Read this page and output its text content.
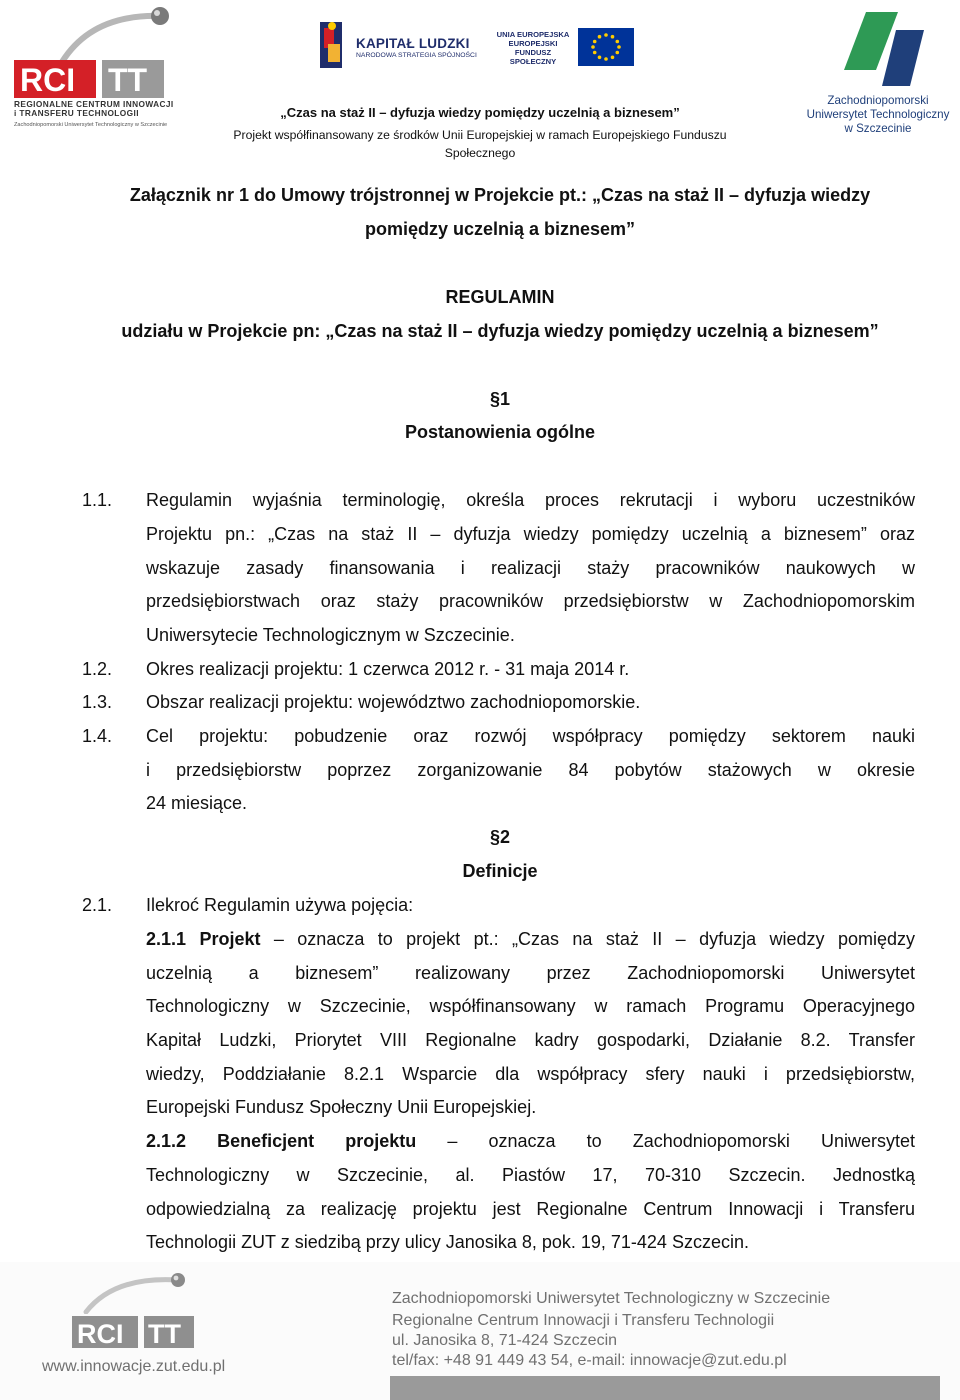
RCI TT
REGIONALNE CENTRUM INNOWACJI
i TRANSFERU TECHNOLOGII
Zachodniopomorski Uniwersytet Technologiczny w Szczecinie
KAPITAŁ LUDZKI
NARODOWA STRATEGIA SPÓJNOŚCI
UNIA EUROPEJSKA
EUROPEJSKI
FUNDUSZ SPOŁECZNY
Zachodniopomorski
Uniwersytet Technologiczny
w Szczecinie
„Czas na staż II – dyfuzja wiedzy pomiędzy uczelnią a biznesem”
Projekt współfinansowany ze środków Unii Europejskiej w ramach Europejskiego Funduszu
Społecznego
Załącznik nr 1 do Umowy trójstronnej w Projekcie pt.: „Czas na staż II – dyfuzja wiedzy
pomiędzy uczelnią a biznesem”
REGULAMIN
udziału w Projekcie pn: „Czas na staż II – dyfuzja wiedzy pomiędzy uczelnią a biznesem”
§1
Postanowienia ogólne
1.1. Regulamin wyjaśnia terminologię, określa proces rekrutacji i wyboru uczestników
Projektu pn.: „Czas na staż II – dyfuzja wiedzy pomiędzy uczelnią a biznesem” oraz
wskazuje zasady finansowania i realizacji staży pracowników naukowych w
przedsiębiorstwach oraz staży pracowników przedsiębiorstw w Zachodniopomorskim
Uniwersytecie Technologicznym w Szczecinie.
1.2. Okres realizacji projektu: 1 czerwca 2012 r. - 31 maja 2014 r.
1.3. Obszar realizacji projektu: województwo zachodniopomorskie.
1.4. Cel projektu: pobudzenie oraz rozwój współpracy pomiędzy sektorem nauki
i przedsiębiorstw poprzez zorganizowanie 84 pobytów stażowych w okresie
24 miesiące.
§2
Definicje
2.1. Ilekroć Regulamin używa pojęcia:
2.1.1 Projekt – oznacza to projekt pt.: „Czas na staż II – dyfuzja wiedzy pomiędzy
uczelnią a biznesem” realizowany przez Zachodniopomorski Uniwersytet
Technologiczny w Szczecinie, współfinansowany w ramach Programu Operacyjnego
Kapitał Ludzki, Priorytet VIII Regionalne kadry gospodarki, Działanie 8.2. Transfer
wiedzy, Poddziałanie 8.2.1 Wsparcie dla współpracy sfery nauki i przedsiębiorstw,
Europejski Fundusz Społeczny Unii Europejskiej.
2.1.2 Beneficjent projektu – oznacza to Zachodniopomorski Uniwersytet
Technologiczny w Szczecinie, al. Piastów 17, 70-310 Szczecin. Jednostką
odpowiedzialną za realizację projektu jest Regionalne Centrum Innowacji i Transferu
Technologii ZUT z siedzibą przy ulicy Janosika 8, pok. 19, 71-424 Szczecin.
RCI TT
www.innowacje.zut.edu.pl
Zachodniopomorski Uniwersytet Technologiczny w Szczecinie
Regionalne Centrum Innowacji i Transferu Technologii
ul. Janosika 8, 71-424 Szczecin
tel/fax: +48 91 449 43 54, e-mail: innowacje@zut.edu.pl
